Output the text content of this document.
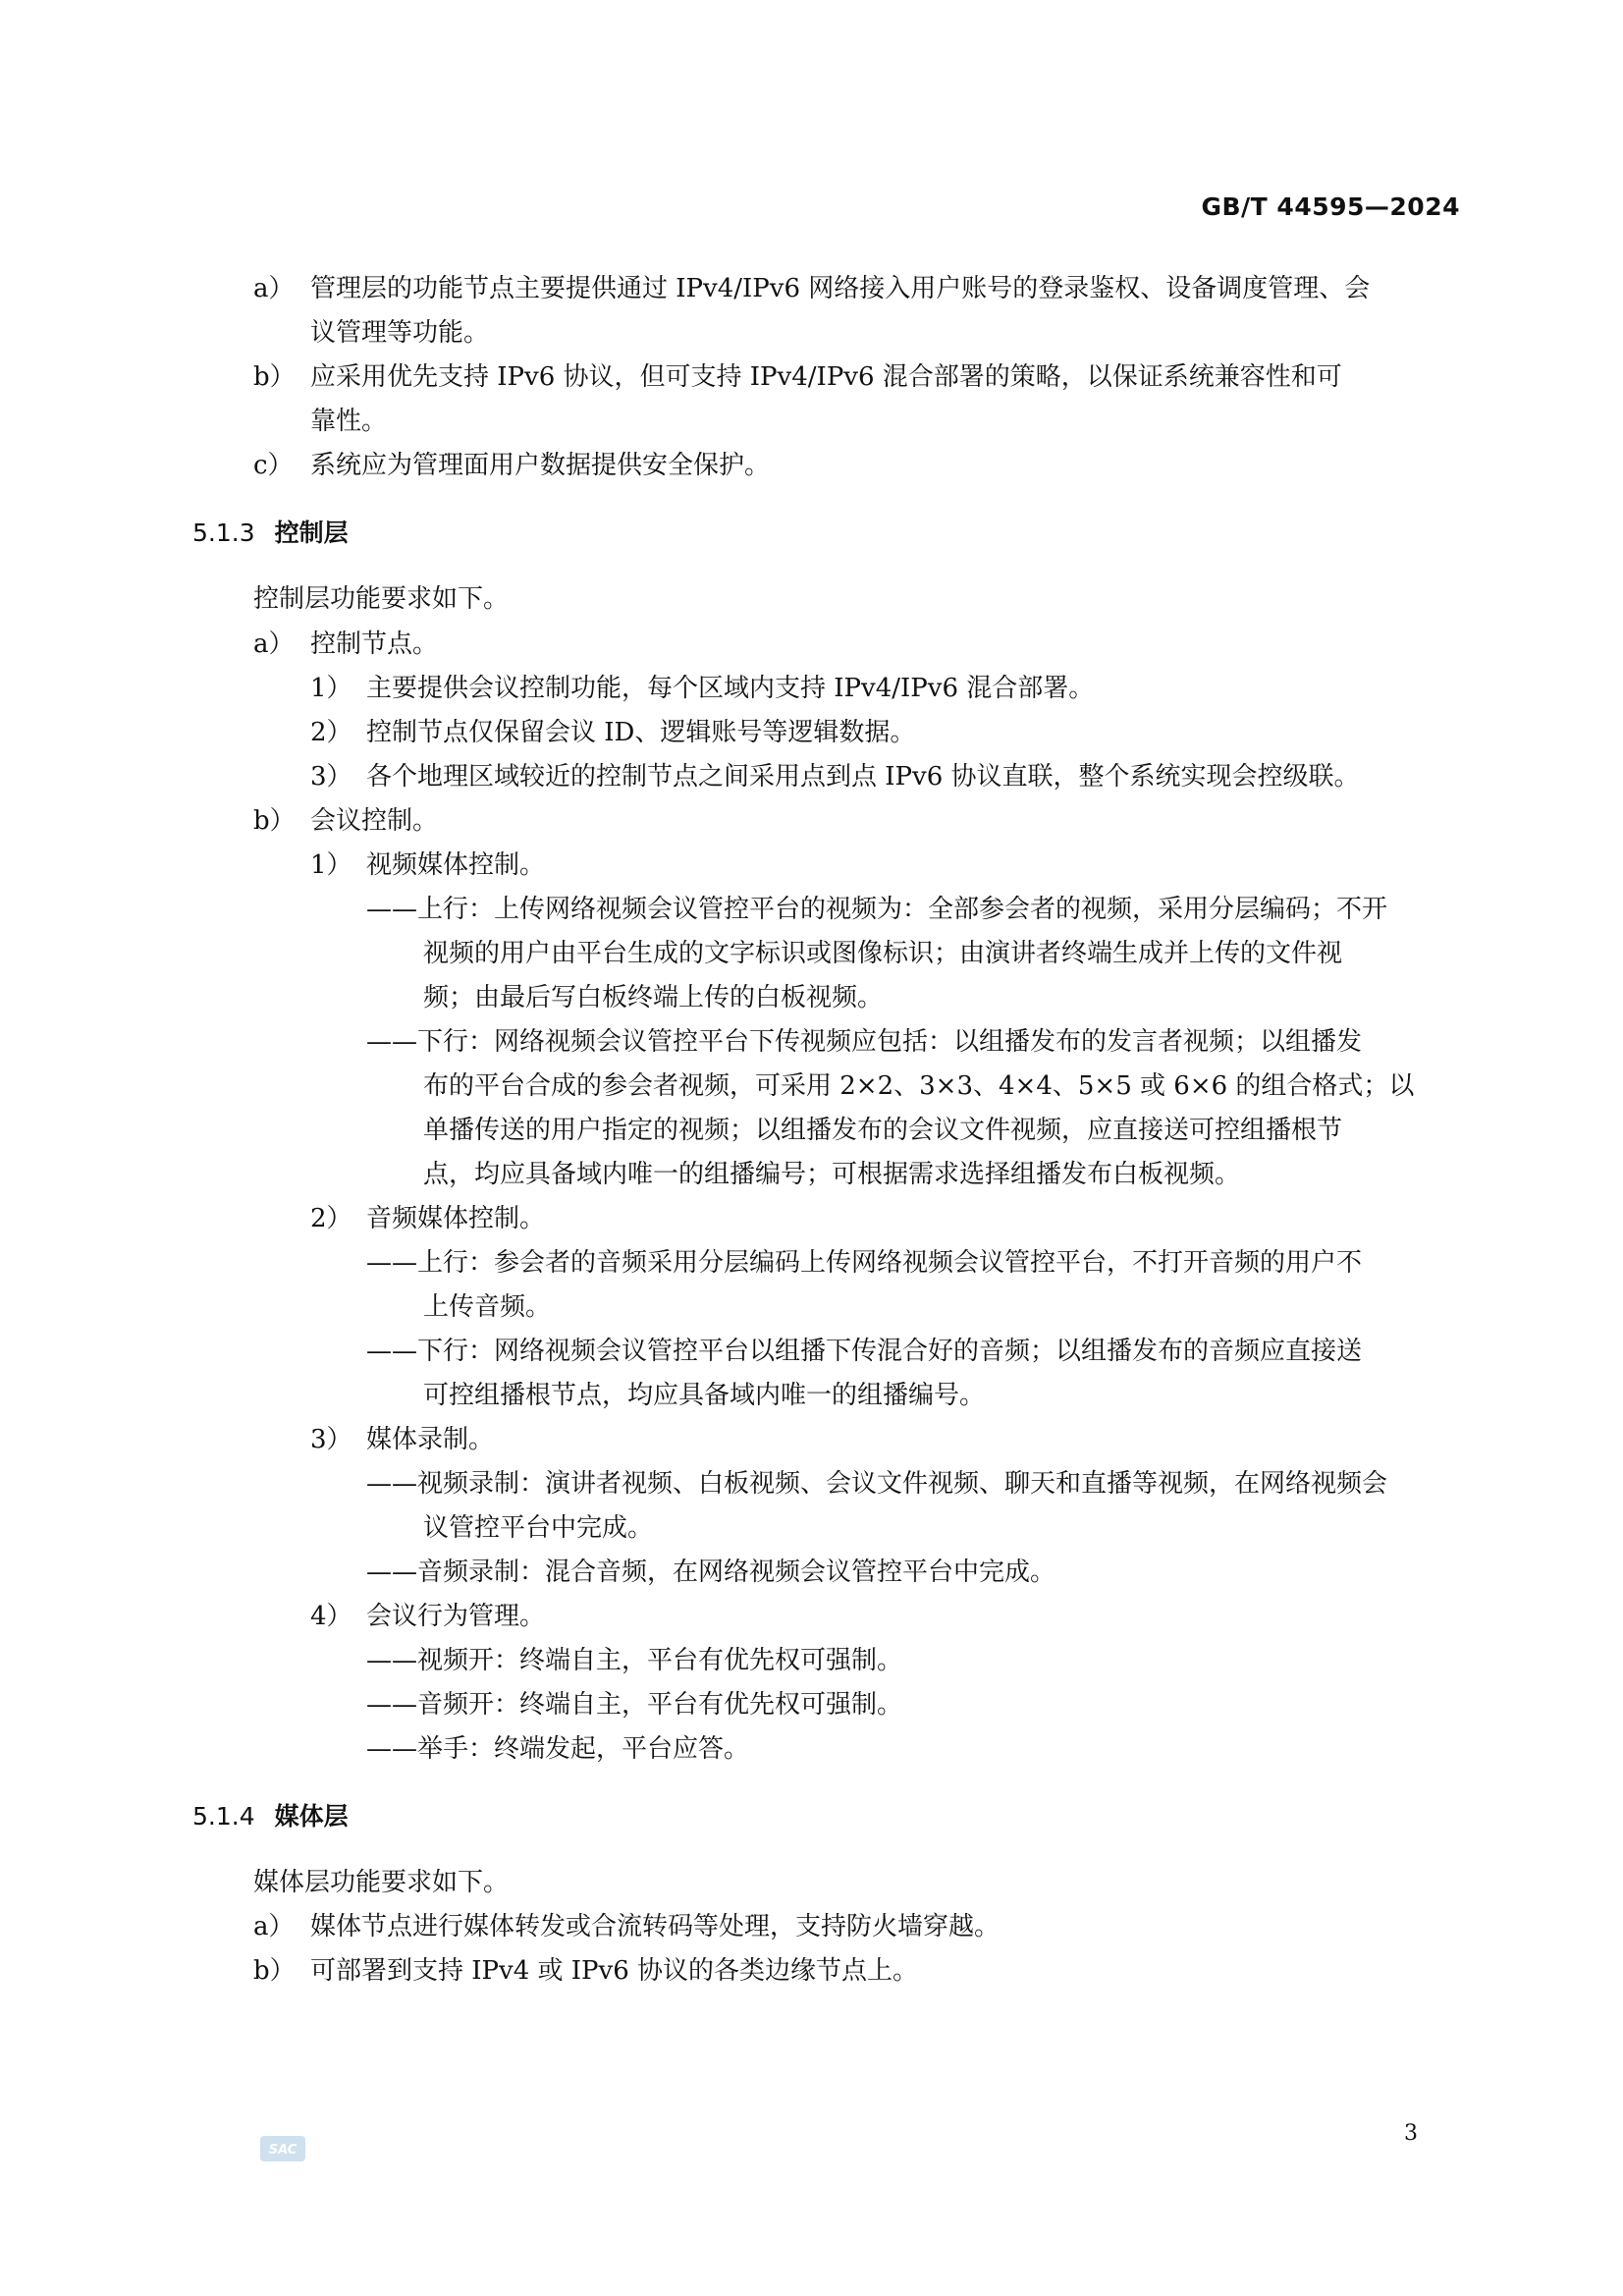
GB/T 44595—2024
a） 管理层的功能节点主要提供通过 IPv4/IPv6 网络接入用户账号的登录鉴权、设备调度管理、会
议管理等功能。
b） 应采用优先支持 IPv6 协议，但可支持 IPv4/IPv6 混合部署的策略，以保证系统兼容性和可
靠性。
c） 系统应为管理面用户数据提供安全保护。
5.1.3 控制层
控制层功能要求如下。
a） 控制节点。
1） 主要提供会议控制功能，每个区域内支持 IPv4/IPv6 混合部署。
2） 控制节点仅保留会议 ID、逻辑账号等逻辑数据。
3） 各个地理区域较近的控制节点之间采用点到点 IPv6 协议直联，整个系统实现会控级联。
b） 会议控制。
1） 视频媒体控制。
——上行：上传网络视频会议管控平台的视频为：全部参会者的视频，采用分层编码；不开
视频的用户由平台生成的文字标识或图像标识；由演讲者终端生成并上传的文件视
频；由最后写白板终端上传的白板视频。
——下行：网络视频会议管控平台下传视频应包括：以组播发布的发言者视频；以组播发
布的平台合成的参会者视频，可采用 2×2、3×3、4×4、5×5 或 6×6 的组合格式；以
单播传送的用户指定的视频；以组播发布的会议文件视频，应直接送可控组播根节
点，均应具备域内唯一的组播编号；可根据需求选择组播发布白板视频。
2） 音频媒体控制。
——上行：参会者的音频采用分层编码上传网络视频会议管控平台，不打开音频的用户不
上传音频。
——下行：网络视频会议管控平台以组播下传混合好的音频；以组播发布的音频应直接送
可控组播根节点，均应具备域内唯一的组播编号。
3） 媒体录制。
——视频录制：演讲者视频、白板视频、会议文件视频、聊天和直播等视频，在网络视频会
议管控平台中完成。
——音频录制：混合音频，在网络视频会议管控平台中完成。
4） 会议行为管理。
——视频开：终端自主，平台有优先权可强制。
——音频开：终端自主，平台有优先权可强制。
——举手：终端发起，平台应答。
5.1.4 媒体层
媒体层功能要求如下。
a） 媒体节点进行媒体转发或合流转码等处理，支持防火墙穿越。
b） 可部署到支持 IPv4 或 IPv6 协议的各类边缘节点上。
SAC
3
